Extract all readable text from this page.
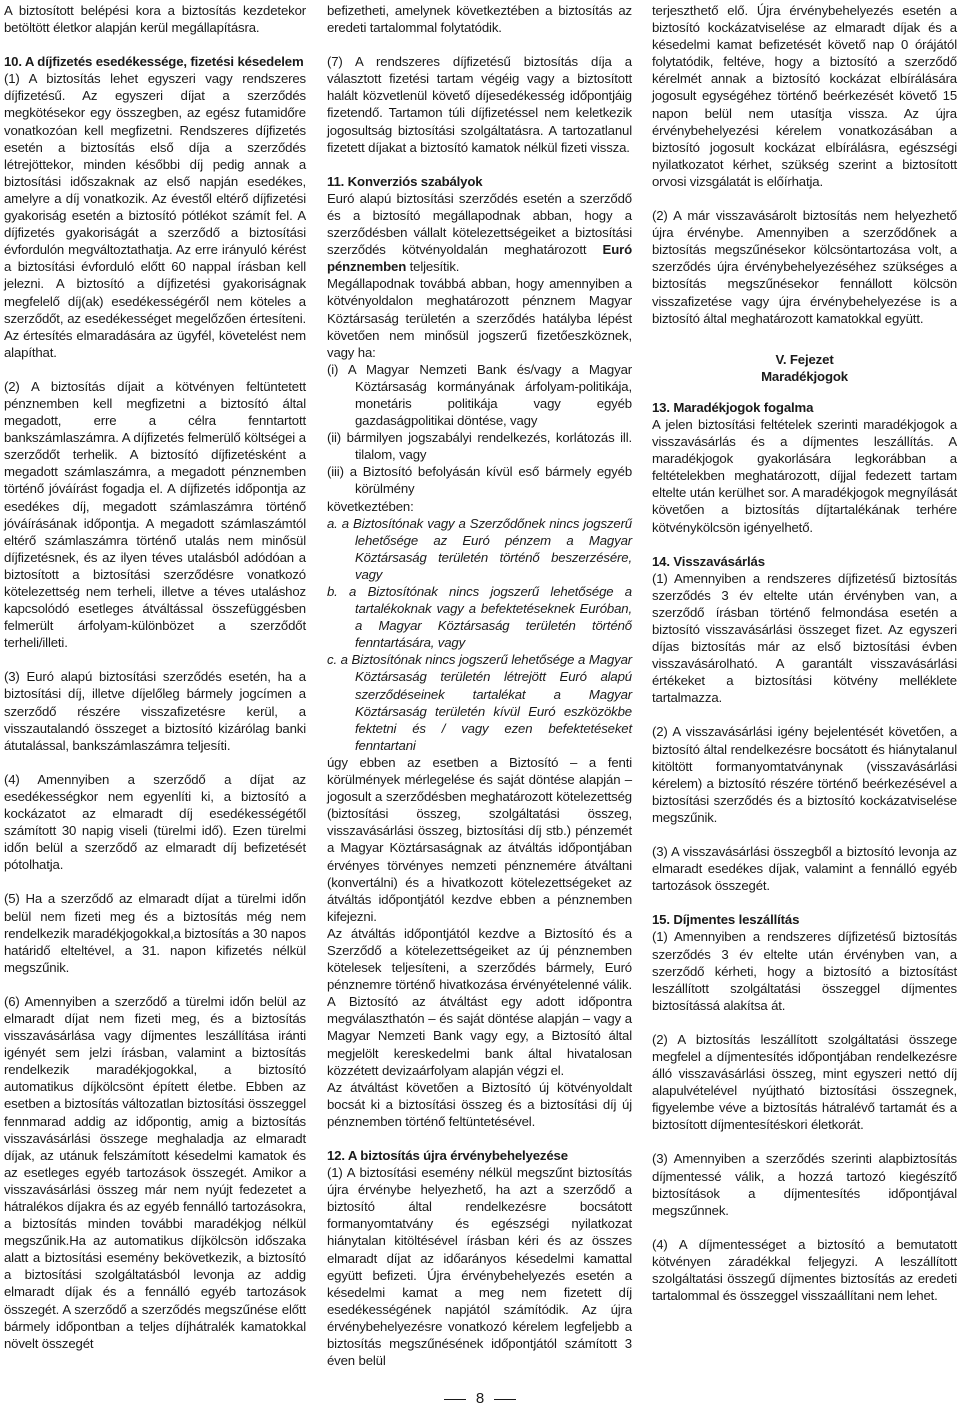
A biztosított belépési kora a biztosítás kezdetekor betöltött életkor alapján kerül megállapításra.

10. A díjfizetés esedékessége, fizetési késedelem

(1) A biztosítás lehet egyszeri vagy rendszeres díjfizetésű. Az egyszeri díjat a szerződés megkötésekor egy összegben, az egész futamidőre vonatkozóan kell megfizetni. Rendszeres díjfizetés esetén a biztosítás első díja a szerződés létrejöttekor, minden későbbi díj pedig annak a biztosítási időszaknak az első napján esedékes, amelyre a díj vonatkozik. Az évestől eltérő díjfizetési gyakoriság esetén a biztosító pótlékot számít fel. A díjfizetés gyakoriságát a szerződő a biztosítási évfordulón megváltoztathatja. Az erre irányuló kérést a biztosítási évforduló előtt 60 nappal írásban kell jelezni. A biztosító a díjfizetési gyakoriságnak megfelelő díj(ak) esedékességéről nem köteles a szerződőt, az esedékességet megelőzően értesíteni. Az értesítés elmaradására az ügyfél, követelést nem alapíthat.

(2) A biztosítás díjait a kötvényen feltüntetett pénznemben kell megfizetni a biztosító által megadott, erre a célra fenntartott bankszámlaszámra. A díjfizetés felmerülő költségei a szerződőt terhelik. A biztosító díjfizetésként a megadott számlaszámra, a megadott pénznemben történő jóváírást fogadja el. A díjfizetés időpontja az esedékes díj, megadott számlaszámra történő jóváírásának időpontja. A megadott számlaszámtól eltérő számlaszámra történő utalás nem minősül díjfizetésnek, és az ilyen téves utalásból adódóan a biztosított a biztosítási szerződésre vonatkozó kötelezettség nem terheli, illetve a téves utaláshoz kapcsolódó esetleges átváltással összefüggésben felmerült árfolyam-különbözet a szerződőt terheli/illeti.

(3) Euró alapú biztosítási szerződés esetén, ha a biztosítási díj, illetve díjelőleg bármely jogcímen a szerződő részére visszafizetésre kerül, a visszautalandó összeget a biztosító kizárólag banki átutalással, bankszámlaszámra teljesíti.

(4) Amennyiben a szerződő a díjat az esedékességkor nem egyenlíti ki, a biztosító a kockázatot az elmaradt díj esedékességétől számított 30 napig viseli (türelmi idő). Ezen türelmi időn belül a szerződő az elmaradt díj befizetését pótolhatja.

(5) Ha a szerződő az elmaradt díjat a türelmi időn belül nem fizeti meg és a biztosítás még nem rendelkezik maradékjogokkal,a biztosítás a 30 napos határidő elteltével, a 31. napon kifizetés nélkül megszűnik.

(6) Amennyiben a szerződő a türelmi időn belül az elmaradt díjat nem fizeti meg, és a biztosítás visszavásárlása vagy díjmentes leszállítása iránti igényét sem jelzi írásban, valamint a biztosítás rendelkezik maradékjogokkal, a biztosító automatikus díjkölcsönt épített életbe. Ebben az esetben a biztosítás változatlan biztosítási összeggel fennmarad addig az időpontig, amig a biztosítás visszavásárlási összege meghaladja az elmaradt díjak, az utánuk felszámított késedelmi kamatok és az esetleges egyéb tartozások összegét. Amikor a visszavásárlási összeg már nem nyújt fedezetet a hátralékos díjakra és az egyéb fennálló tartozásokra, a biztosítás minden további maradékjog nélkül megszűnik.Ha az automatikus díjkölcsön időszaka alatt a biztosítási esemény bekövetkezik, a biztosító a biztosítási szolgáltatásból levonja az addig elmaradt díjak és a fennálló egyéb tartozások összegét. A szerződő a szerződés megszűnése előtt bármely időpontban a teljes díjhátralék kamatokkal növelt összegét

befizetheti, amelynek következtében a biztosítás az eredeti tartalommal folytatódik.

(7) A rendszeres díjfizetésű biztosítás díja a választott fizetési tartam végéig vagy a biztosított halált közvetlenül követő díjesedékesség időpontjáig fizetendő. Tartamon túli díjfizetéssel nem keletkezik jogosultság biztosítási szolgáltatásra. A tartozatlanul fizetett díjakat a biztosító kamatok nélkül fizeti vissza.

11. Konverziós szabályok

Euró alapú biztosítási szerződés esetén a szerződő és a biztosító megállapodnak abban, hogy a szerződésben vállalt kötelezettségeiket a biztosítási szerződés kötvényoldalán meghatározott Euró pénznemben teljesítik.

Megállapodnak továbbá abban, hogy amennyiben a kötvényoldalon meghatározott pénznem Magyar Köztársaság területén a szerződés hatályba lépést követően nem minősül jogszerű fizetőeszköznek, vagy ha:

(i) A Magyar Nemzeti Bank és/vagy a Magyar Köztársaság kormányának árfolyam-politikája, monetáris politikája vagy egyéb gazdaságpolitikai döntése, vagy

(ii) bármilyen jogszabályi rendelkezés, korlátozás ill. tilalom, vagy

(iii) a Biztosító befolyásán kívül eső bármely egyéb körülmény

következtében:

a. a Biztosítónak vagy a Szerződőnek nincs jogszerű lehetősége az Euró pénzem a Magyar Köztársaság területén történő beszerzésére, vagy

b. a Biztosítónak nincs jogszerű lehetősége a tartalékoknak vagy a befektetéseknek Euróban, a Magyar Köztársaság területén történő fenntartására, vagy

c. a Biztosítónak nincs jogszerű lehetősége a Magyar Köztársaság területén létrejött Euró alapú szerződéseinek tartalékat a Magyar Köztársaság területén kívül Euró eszközökbe fektetni és / vagy ezen befektetéseket fenntartani

úgy ebben az esetben a Biztosító – a fenti körülmények mérlegelése és saját döntése alapján – jogosult a szerződésben meghatározott kötelezettség (biztosítási összeg, szolgáltatási összeg, visszavásárlási összeg, biztosítási díj stb.) pénzemét a Magyar Köztársaságnak az átváltás időpontjában érvényes törvényes nemzeti pénznemére átváltani (konvertálni) és a hivatkozott kötelezettségeket az átváltás időpontjától kezdve ebben a pénznemben kifejezni.

Az átváltás időpontjától kezdve a Biztosító és a Szerződő a kötelezettségeiket az új pénznemben kötelesek teljesíteni, a szerződés bármely, Euró pénznemre történő hivatkozása érvényételenné válik. A Biztosító az átváltást egy adott időpontra megválaszthatón – és saját döntése alapján – vagy a Magyar Nemzeti Bank vagy egy, a Biztosító által megjelölt kereskedelmi bank által hivatalosan közzétett devizaárfolyam alapján végzi el.

Az átváltást követően a Biztosító új kötvényoldalt bocsát ki a biztosítási összeg és a biztosítási díj új pénznemben történő feltüntetésével.

12. A biztosítás újra érvénybehelyezése

(1) A biztosítási esemény nélkül megszűnt biztosítás újra érvénybe helyezhető, ha azt a szerződő a biztosító által rendelkezésre bocsátott formanyomtatvány és egészségi nyilatkozat hiánytalan kitöltésével írásban kéri és az összes elmaradt díjat az időarányos késedelmi kamattal együtt befizeti. Újra érvénybehelyezés esetén a késedelmi kamat a meg nem fizetett díj esedékességének napjától számítódik. Az újra érvénybehelyezésre vonatkozó kérelem legfeljebb a biztosítás megszűnésének időpontjától számított 3 éven belül

terjeszthető elő. Újra érvénybehelyezés esetén a biztosító kockázatviselése az elmaradt díjak és a késedelmi kamat befizetését követő nap 0 órájától folytatódik, feltéve, hogy a biztosító a szerződő kérelmét annak a biztosító kockázat elbírálására jogosult egységéhez történő beérkezését követő 15 napon belül nem utasítja vissza. Az újra érvénybehelyezési kérelem vonatkozásában a biztosító jogosult kockázat elbírálásra, egészségi nyilatkozatot kérhet, szükség szerint a biztosított orvosi vizsgálatát is előírhatja.

(2) A már visszavásárolt biztosítás nem helyezhető újra érvénybe. Amennyiben a szerződőnek a biztosítás megszűnésekor kölcsöntartozása volt, a szerződés újra érvénybehelyezéséhez szükséges a biztosítás megszűnésekor fennállott kölcsön visszafizetése vagy újra érvénybehelyezése is a biztosító által meghatározott kamatokkal együtt.

V. Fejezet
Maradékjogok
13. Maradékjogok fogalma

A jelen biztosítási feltételek szerinti maradékjogok a visszavásárlás és a díjmentes leszállítás. A maradékjogok gyakorlására legkorábban a feltételekben meghatározott, díjjal fedezett tartam eltelte után kerülhet sor. A maradékjogok megnyílását követően a biztosítás díjtartalékának terhére kötvénykölcsön igényelhető.

14. Visszavásárlás

(1) Amennyiben a rendszeres díjfizetésű biztosítás szerződés 3 év eltelte után érvényben van, a szerződő írásban történő felmondása esetén a biztosító visszavásárlási összeget fizet. Az egyszeri díjas biztosítás már az első biztosítási évben visszavásárolható. A garantált visszavásárlási értékeket a biztosítási kötvény melléklete tartalmazza.

(2) A visszavásárlási igény bejelentését követően, a biztosító által rendelkezésre bocsátott és hiánytalanul kitöltött formanyomtatványnak (visszavásárlási kérelem) a biztosító részére történő beérkezésével a biztosítási szerződés és a biztosító kockázatviselése megszűnik.

(3) A visszavásárlási összegből a biztosító levonja az elmaradt esedékes díjak, valamint a fennálló egyéb tartozások összegét.

15. Díjmentes leszállítás

(1) Amennyiben a rendszeres díjfizetésű biztosítás szerződés 3 év eltelte után érvényben van, a szerződő kérheti, hogy a biztosító a biztosítást leszállított szolgáltatási összeggel díjmentes biztosítássá alakítsa át.

(2) A biztosítás leszállított szolgáltatási összege megfelel a díjmentesítés időpontjában rendelkezésre álló visszavásárlási összeg, mint egyszeri nettó díj alapulvételével nyújtható biztosítási összegnek, figyelembe véve a biztosítás hátralévő tartamát és a biztosított díjmentesítéskori életkorát.

(3) Amennyiben a szerződés szerinti alapbiztosítás díjmentessé válik, a hozzá tartozó kiegészítő biztosítások a díjmentesítés időpontjával megszűnnek.

(4) A díjmentességet a biztosító a bemutatott kötvényen záradékkal feljegyzi. A leszállított szolgáltatási összegű díjmentes biztosítás az eredeti tartalommal és összeggel visszaállítani nem lehet.

8
